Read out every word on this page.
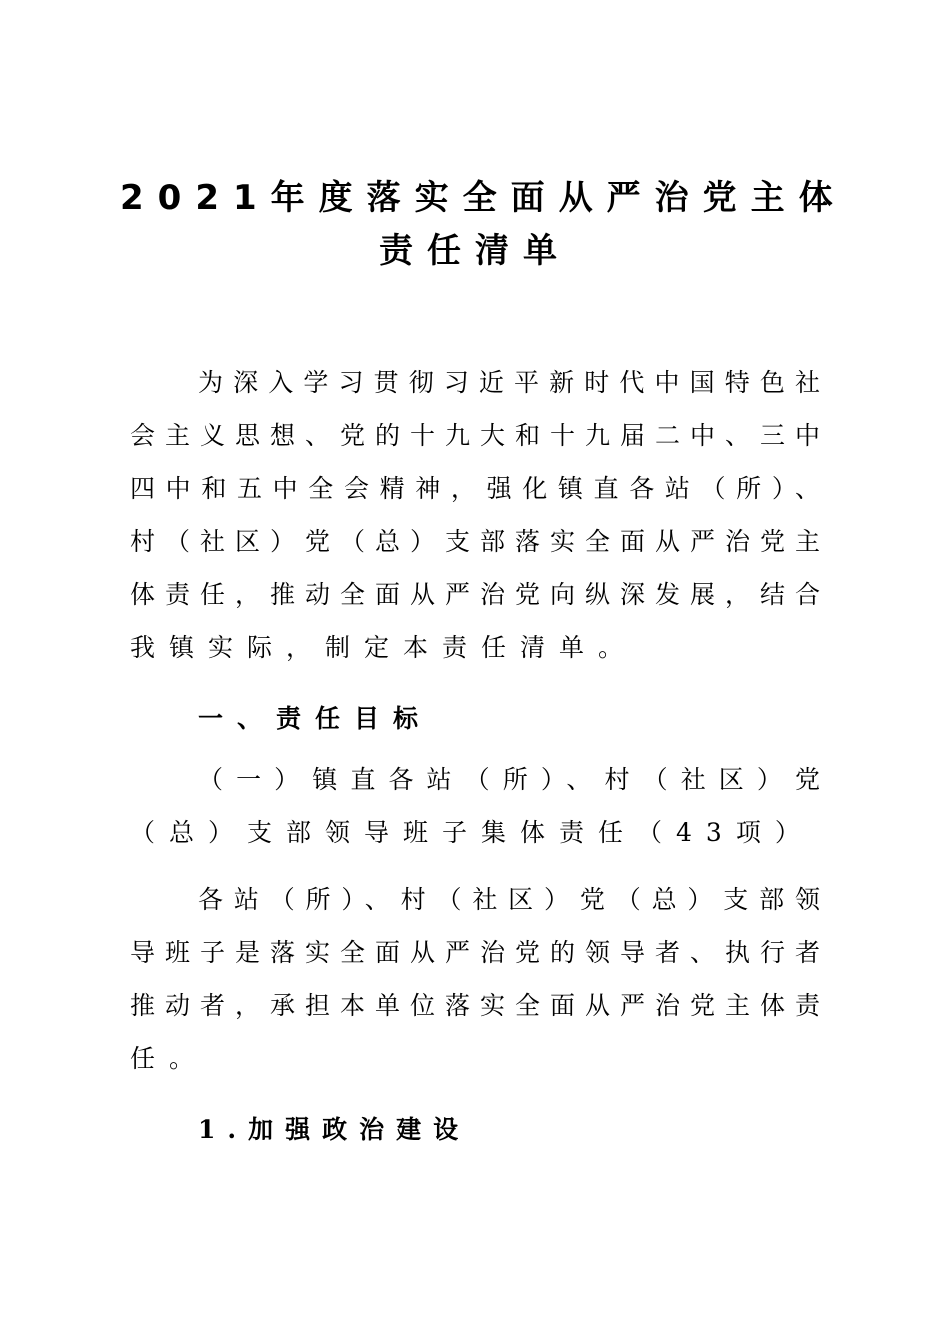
2021年度落实全面从严治党主体
责任清单
为深入学习贯彻习近平新时代中国特色社
会主义思想、党的十九大和十九届二中、三中
四中和五中全会精神，强化镇直各站（所）、
村（社区）党（总）支部落实全面从严治党主
体责任，推动全面从严治党向纵深发展，结合
我镇实际，制定本责任清单。
一、责任目标
（一）镇直各站（所）、村（社区）党
（总）支部领导班子集体责任（43项）
各站（所）、村（社区）党（总）支部领
导班子是落实全面从严治党的领导者、执行者
推动者，承担本单位落实全面从严治党主体责
任。
1.加强政治建设
